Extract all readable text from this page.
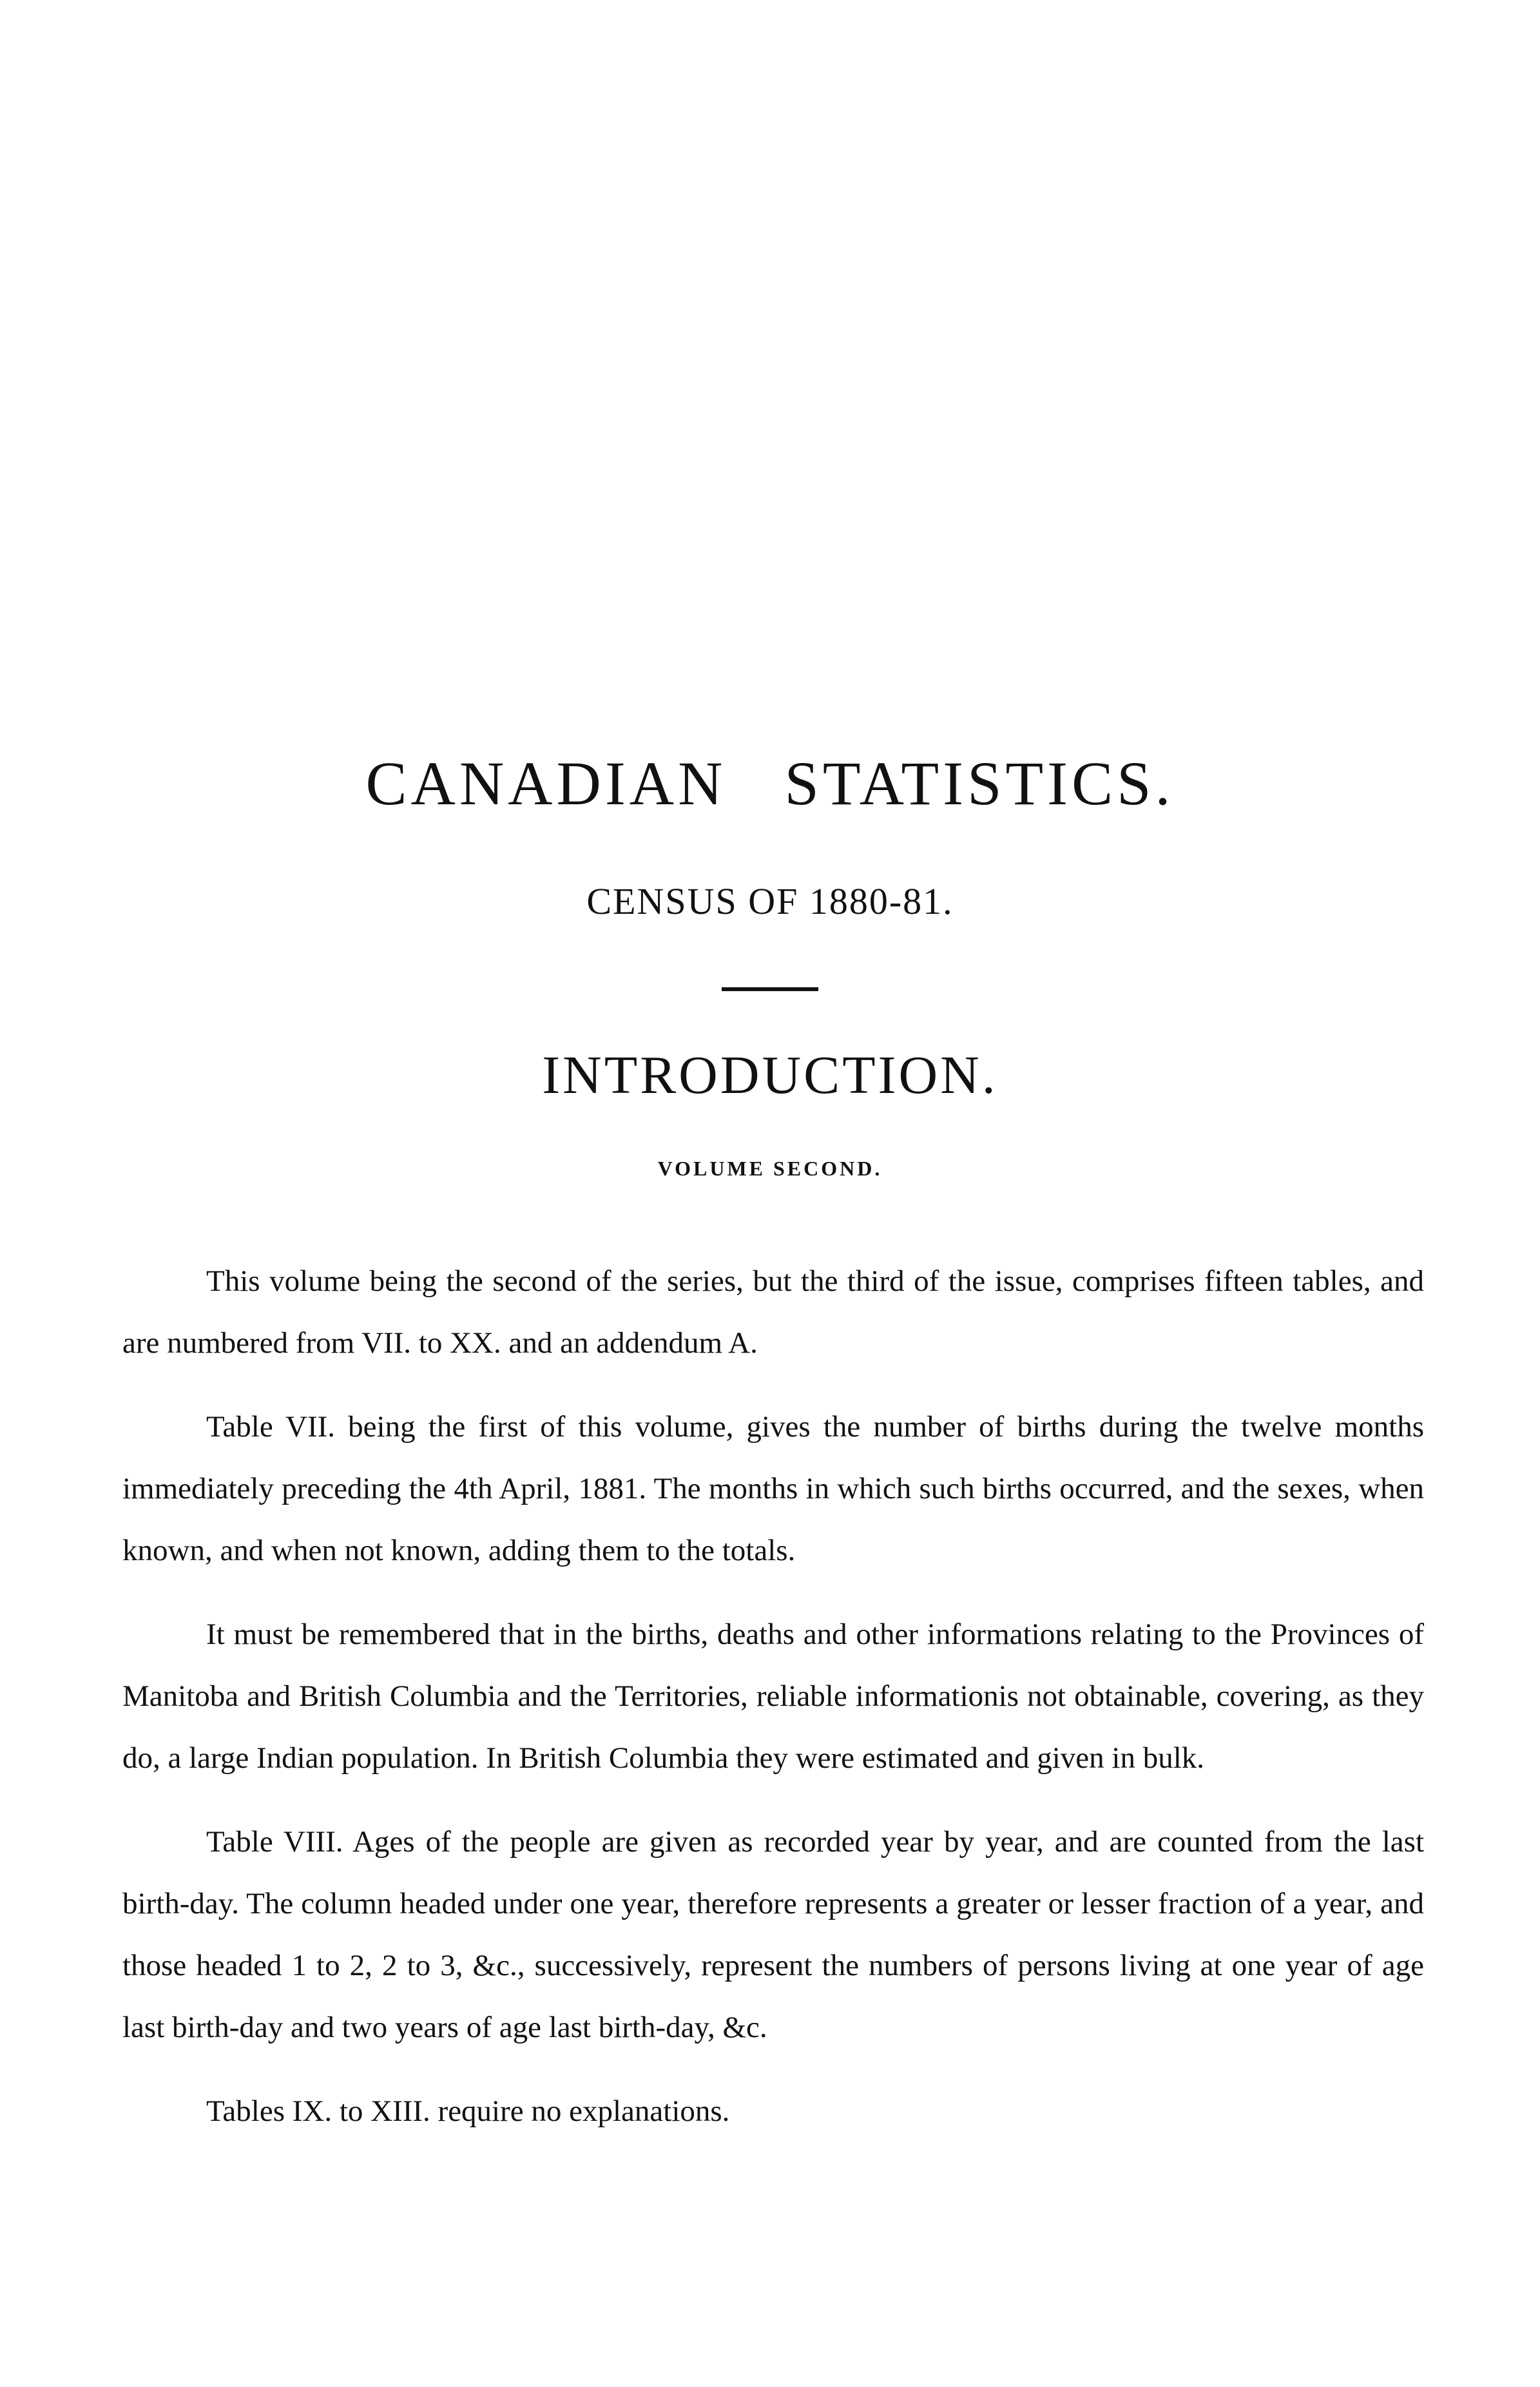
CANADIAN STATISTICS.
CENSUS OF 1880-81.
INTRODUCTION.
VOLUME SECOND.

This volume being the second of the series, but the third of the issue, comprises fifteen tables, and are numbered from VII. to XX. and an addendum A.

Table VII. being the first of this volume, gives the number of births during the twelve months immediately preceding the 4th April, 1881. The months in which such births occurred, and the sexes, when known, and when not known, adding them to the totals.

It must be remembered that in the births, deaths and other informations relating to the Provinces of Manitoba and British Columbia and the Territories, reliable informationis not obtainable, covering, as they do, a large Indian population. In British Columbia they were estimated and given in bulk.

Table VIII. Ages of the people are given as recorded year by year, and are counted from the last birth-day. The column headed under one year, therefore represents a greater or lesser fraction of a year, and those headed 1 to 2, 2 to 3, &c., successively, represent the numbers of persons living at one year of age last birth-day and two years of age last birth-day, &c.

Tables IX. to XIII. require no explanations.
